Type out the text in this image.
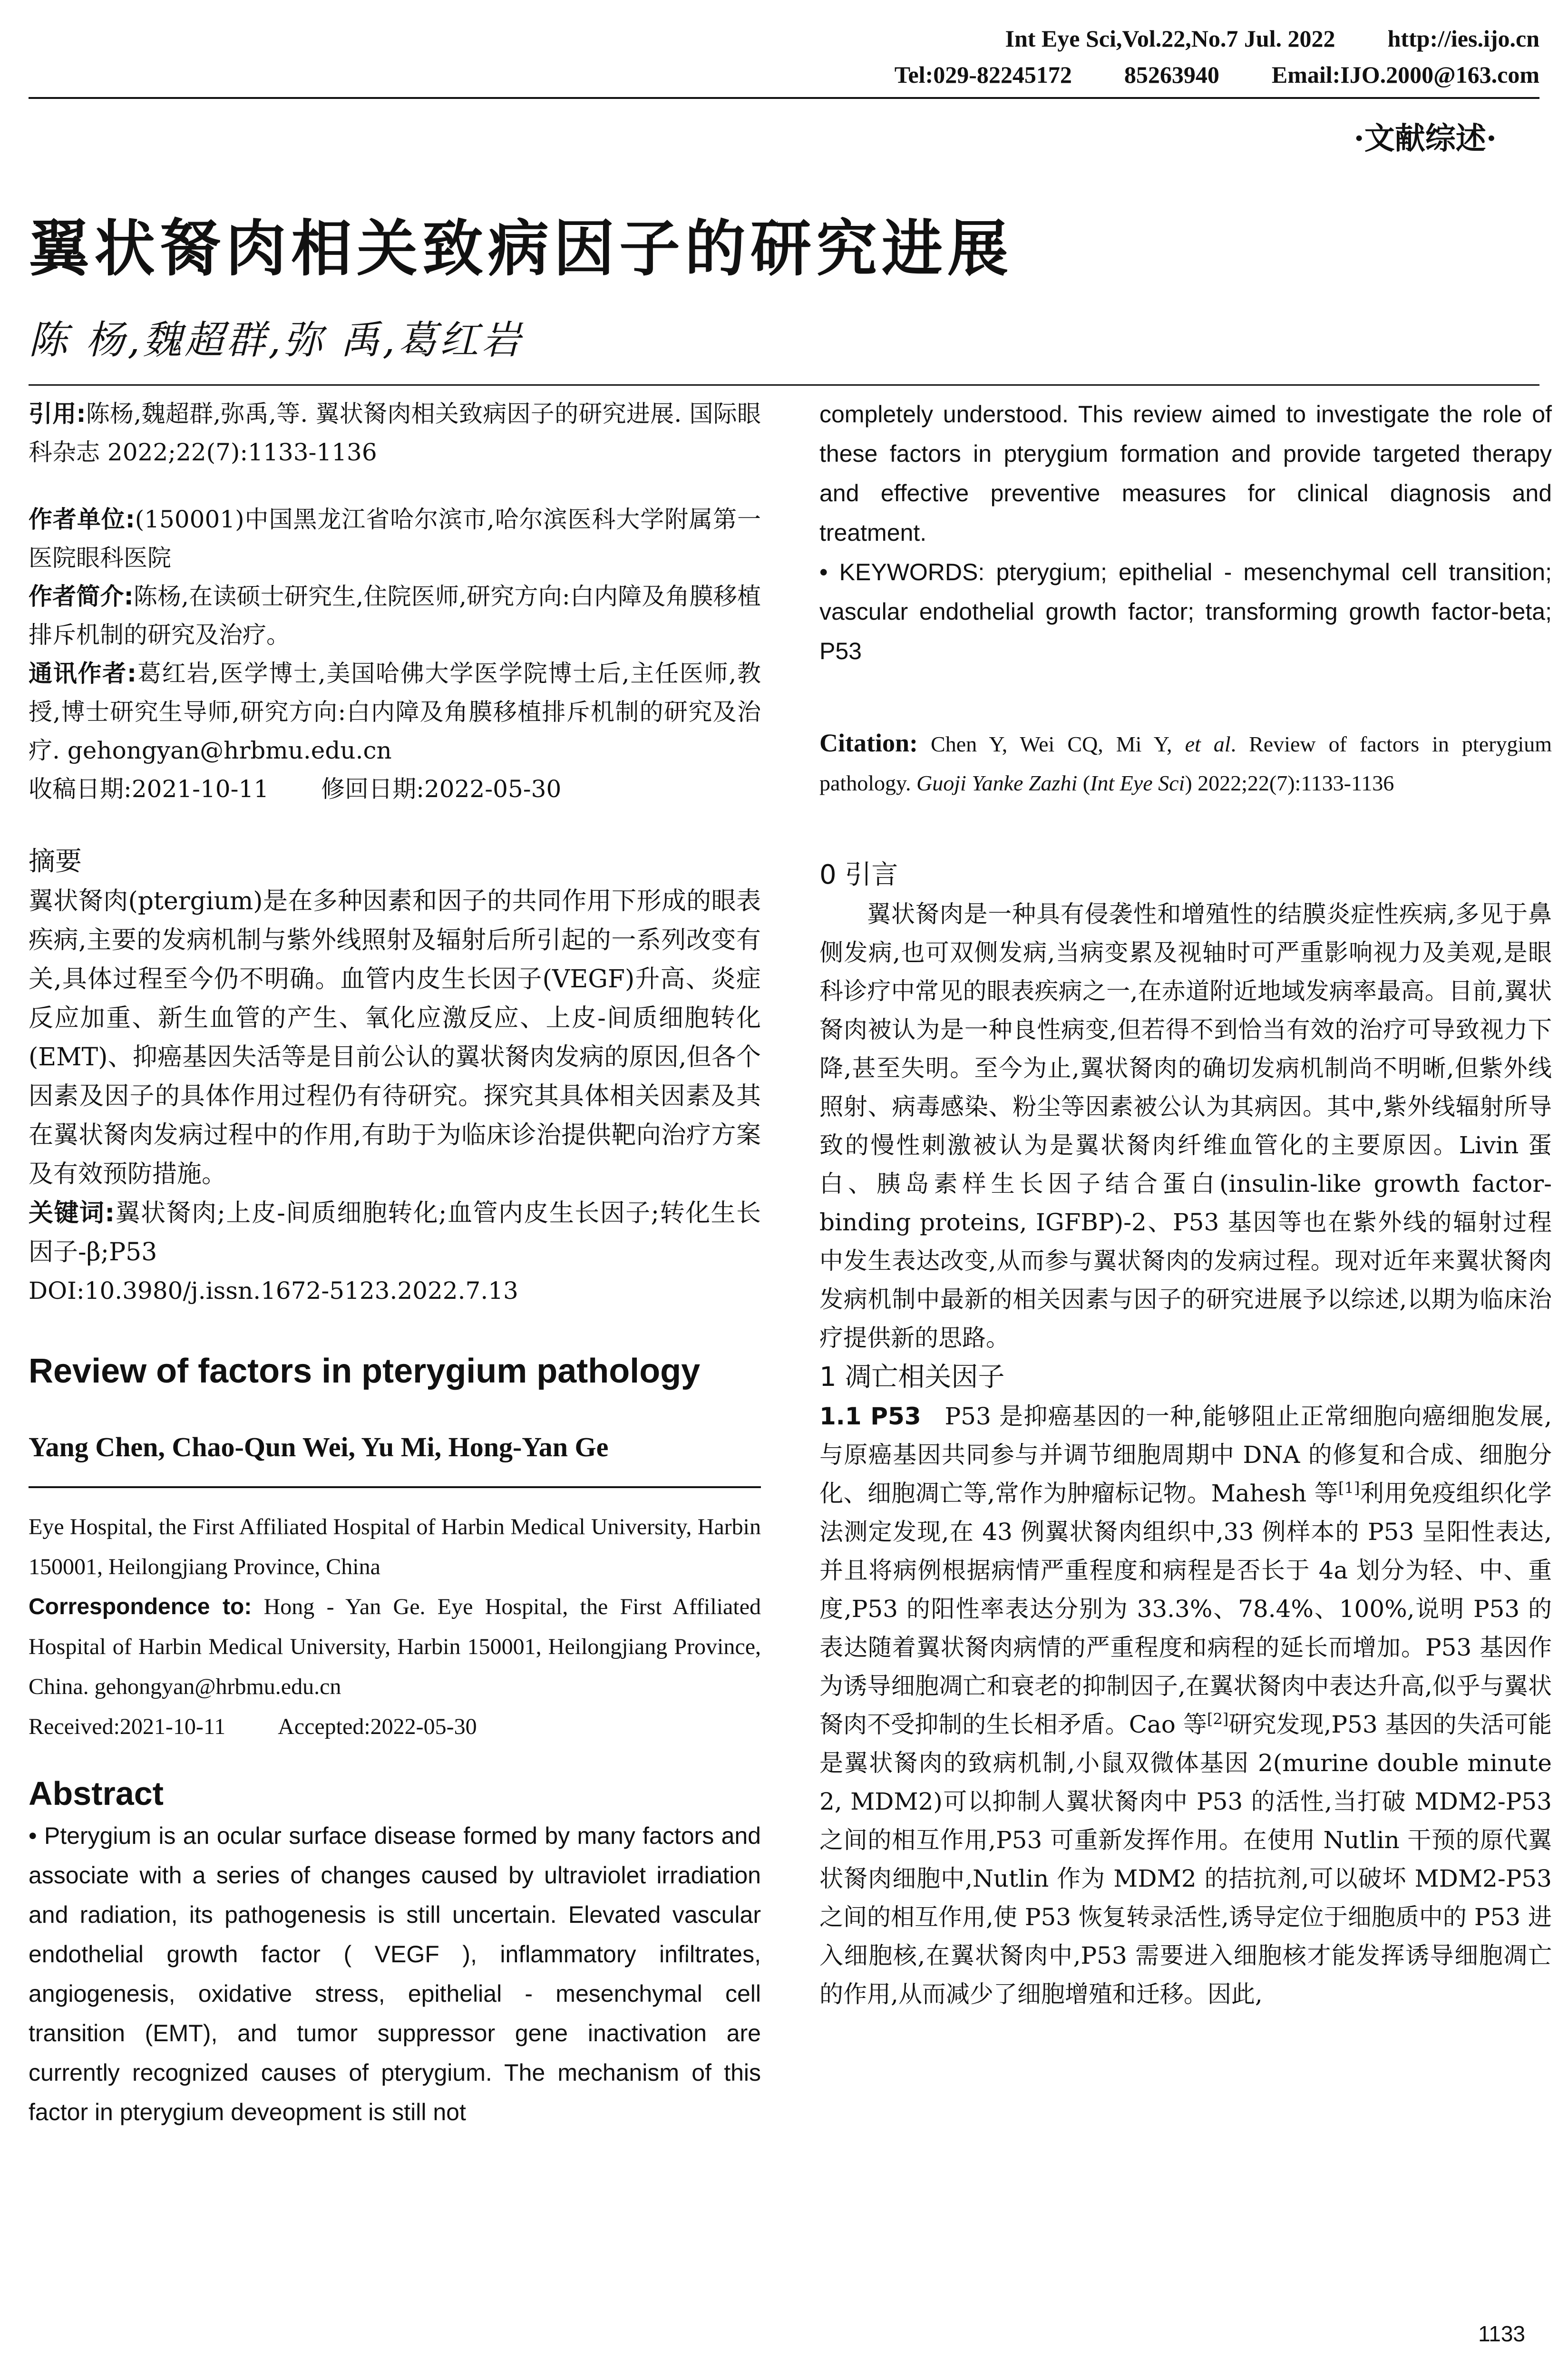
Int Eye Sci,Vol.22,No.7 Jul. 2022 http://ies.ijo.cn
Tel:029-82245172 85263940 Email:IJO.2000@163.com
·文献综述·
翼状胬肉相关致病因子的研究进展
陈 杨,魏超群,弥 禹,葛红岩

引用:陈杨,魏超群,弥禹,等. 翼状胬肉相关致病因子的研究进展. 国际眼科杂志 2022;22(7):1133-1136

作者单位:(150001)中国黑龙江省哈尔滨市,哈尔滨医科大学附属第一医院眼科医院

作者简介:陈杨,在读硕士研究生,住院医师,研究方向:白内障及角膜移植排斥机制的研究及治疗。

通讯作者:葛红岩,医学博士,美国哈佛大学医学院博士后,主任医师,教授,博士研究生导师,研究方向:白内障及角膜移植排斥机制的研究及治疗. gehongyan@hrbmu.edu.cn

收稿日期:2021-10-11 修回日期:2022-05-30

摘要

翼状胬肉(ptergium)是在多种因素和因子的共同作用下形成的眼表疾病,主要的发病机制与紫外线照射及辐射后所引起的一系列改变有关,具体过程至今仍不明确。血管内皮生长因子(VEGF)升高、炎症反应加重、新生血管的产生、氧化应激反应、上皮-间质细胞转化(EMT)、抑癌基因失活等是目前公认的翼状胬肉发病的原因,但各个因素及因子的具体作用过程仍有待研究。探究其具体相关因素及其在翼状胬肉发病过程中的作用,有助于为临床诊治提供靶向治疗方案及有效预防措施。

关键词:翼状胬肉;上皮-间质细胞转化;血管内皮生长因子;转化生长因子-β;P53

DOI:10.3980/j.issn.1672-5123.2022.7.13

Review of factors in pterygium pathology

Yang Chen, Chao-Qun Wei, Yu Mi, Hong-Yan Ge

Eye Hospital, the First Affiliated Hospital of Harbin Medical University, Harbin 150001, Heilongjiang Province, China

Correspondence to: Hong - Yan Ge. Eye Hospital, the First Affiliated Hospital of Harbin Medical University, Harbin 150001, Heilongjiang Province, China. gehongyan@hrbmu.edu.cn

Received:2021-10-11 Accepted:2022-05-30

Abstract

• Pterygium is an ocular surface disease formed by many factors and associate with a series of changes caused by ultraviolet irradiation and radiation, its pathogenesis is still uncertain. Elevated vascular endothelial growth factor ( VEGF ), inflammatory infiltrates, angiogenesis, oxidative stress, epithelial - mesenchymal cell transition (EMT), and tumor suppressor gene inactivation are currently recognized causes of pterygium. The mechanism of this factor in pterygium deveopment is still not

completely understood. This review aimed to investigate the role of these factors in pterygium formation and provide targeted therapy and effective preventive measures for clinical diagnosis and treatment.

• KEYWORDS: pterygium; epithelial - mesenchymal cell transition; vascular endothelial growth factor; transforming growth factor-beta; P53

Citation: Chen Y, Wei CQ, Mi Y, et al. Review of factors in pterygium pathology. Guoji Yanke Zazhi (Int Eye Sci) 2022;22(7):1133-1136

0 引言

翼状胬肉是一种具有侵袭性和增殖性的结膜炎症性疾病,多见于鼻侧发病,也可双侧发病,当病变累及视轴时可严重影响视力及美观,是眼科诊疗中常见的眼表疾病之一,在赤道附近地域发病率最高。目前,翼状胬肉被认为是一种良性病变,但若得不到恰当有效的治疗可导致视力下降,甚至失明。至今为止,翼状胬肉的确切发病机制尚不明晰,但紫外线照射、病毒感染、粉尘等因素被公认为其病因。其中,紫外线辐射所导致的慢性刺激被认为是翼状胬肉纤维血管化的主要原因。Livin 蛋白、胰岛素样生长因子结合蛋白(insulin-like growth factor-binding proteins, IGFBP)-2、P53 基因等也在紫外线的辐射过程中发生表达改变,从而参与翼状胬肉的发病过程。现对近年来翼状胬肉发病机制中最新的相关因素与因子的研究进展予以综述,以期为临床治疗提供新的思路。

1 凋亡相关因子

1.1 P53 P53 是抑癌基因的一种,能够阻止正常细胞向癌细胞发展,与原癌基因共同参与并调节细胞周期中 DNA 的修复和合成、细胞分化、细胞凋亡等,常作为肿瘤标记物。Mahesh 等[1]利用免疫组织化学法测定发现,在 43 例翼状胬肉组织中,33 例样本的 P53 呈阳性表达,并且将病例根据病情严重程度和病程是否长于 4a 划分为轻、中、重度,P53 的阳性率表达分别为 33.3%、78.4%、100%,说明 P53 的表达随着翼状胬肉病情的严重程度和病程的延长而增加。P53 基因作为诱导细胞凋亡和衰老的抑制因子,在翼状胬肉中表达升高,似乎与翼状胬肉不受抑制的生长相矛盾。Cao 等[2]研究发现,P53 基因的失活可能是翼状胬肉的致病机制,小鼠双微体基因 2(murine double minute 2, MDM2)可以抑制人翼状胬肉中 P53 的活性,当打破 MDM2-P53 之间的相互作用,P53 可重新发挥作用。在使用 Nutlin 干预的原代翼状胬肉细胞中,Nutlin 作为 MDM2 的拮抗剂,可以破坏 MDM2-P53 之间的相互作用,使 P53 恢复转录活性,诱导定位于细胞质中的 P53 进入细胞核,在翼状胬肉中,P53 需要进入细胞核才能发挥诱导细胞凋亡的作用,从而减少了细胞增殖和迁移。因此,

1133
